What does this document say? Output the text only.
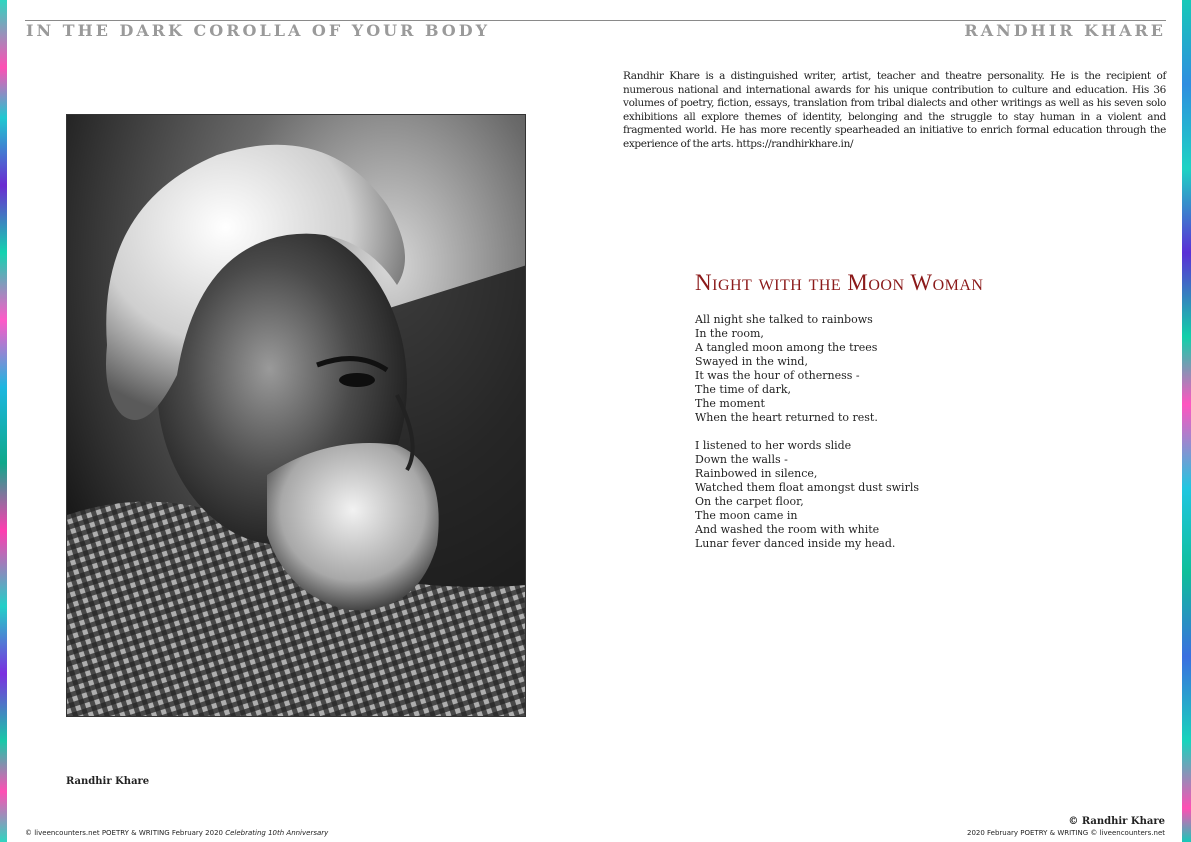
IN THE DARK COROLLA OF YOUR BODY	RANDHIR KHARE
Randhir Khare
Randhir Khare is a distinguished writer, artist, teacher and theatre personality. He is the recipient of numerous national and international awards for his unique contribution to culture and education. His 36 volumes of poetry, fiction, essays, translation from tribal dialects and other writings as well as his seven solo exhibitions all explore themes of identity, belonging and the struggle to stay human in a violent and fragmented world. He has more recently spearheaded an initiative to enrich formal education through the experience of the arts. https://randhirkhare.in/
Night with the Moon Woman
All night she talked to rainbows
In the room,
A tangled moon among the trees
Swayed in the wind,
It was the hour of otherness -
The time of dark,
The moment
When the heart returned to rest.
I listened to her words slide
Down the walls -
Rainbowed in silence,
Watched them float amongst dust swirls
On the carpet floor,
The moon came in
And washed the room with white
Lunar fever danced inside my head.
© Randhir Khare
© liveencounters.net POETRY & WRITING February 2020 Celebrating 10th Anniversary	2020 February POETRY & WRITING © liveencounters.net
